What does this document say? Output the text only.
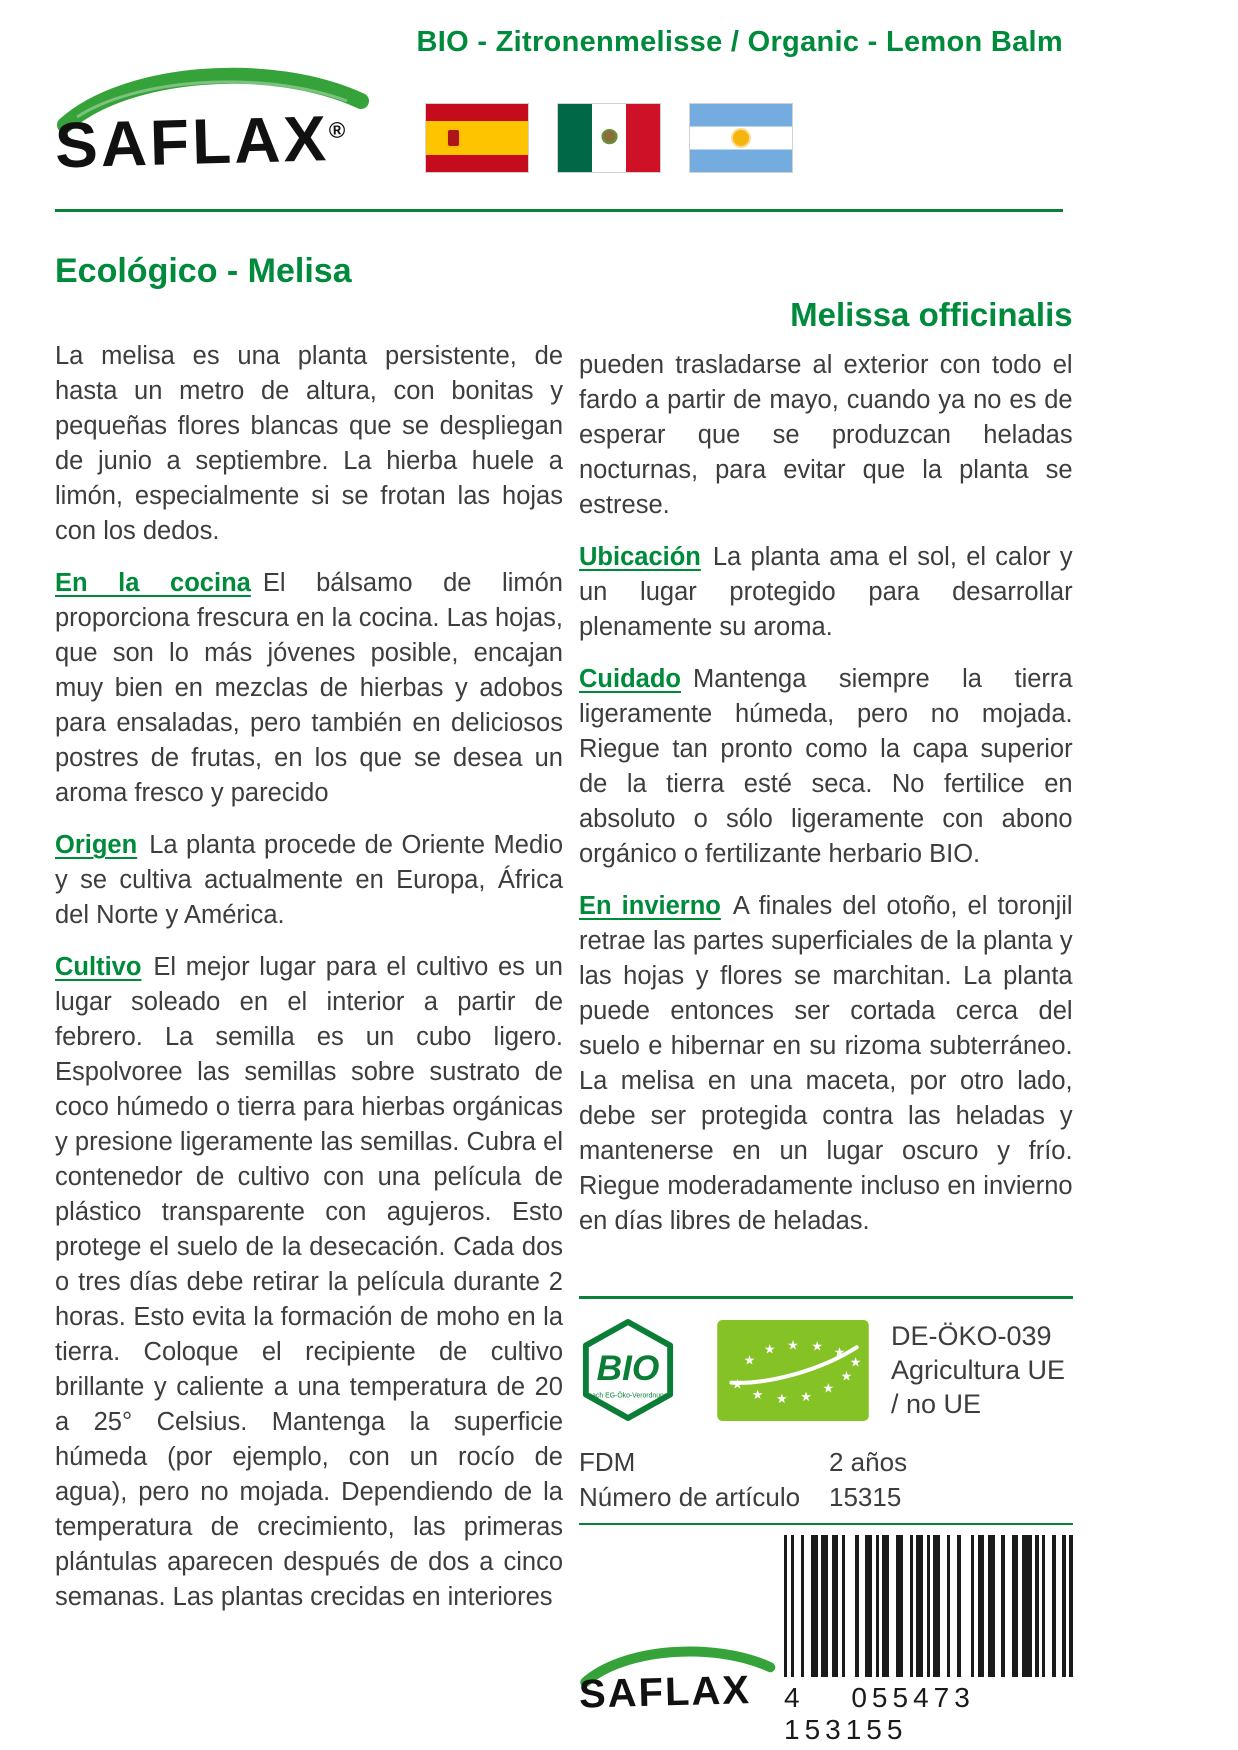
BIO - Zitronenmelisse / Organic - Lemon Balm
SAFLAX®
Ecológico - Melisa

La melisa es una planta persistente, de hasta un metro de altura, con bonitas y pequeñas flores blancas que se despliegan de junio a septiembre. La hierba huele a limón, especialmente si se frotan las hojas con los dedos.

En la cocina El bálsamo de limón proporciona frescura en la cocina. Las hojas, que son lo más jóvenes posible, encajan muy bien en mezclas de hierbas y adobos para ensaladas, pero también en deliciosos postres de frutas, en los que se desea un aroma fresco y parecido

Origen La planta procede de Oriente Medio y se cultiva actualmente en Europa, África del Norte y América.

Cultivo El mejor lugar para el cultivo es un lugar soleado en el interior a partir de febrero. La semilla es un cubo ligero. Espolvoree las semillas sobre sustrato de coco húmedo o tierra para hierbas orgánicas y presione ligeramente las semillas. Cubra el contenedor de cultivo con una película de plástico transparente con agujeros. Esto protege el suelo de la desecación. Cada dos o tres días debe retirar la película durante 2 horas. Esto evita la formación de moho en la tierra. Coloque el recipiente de cultivo brillante y caliente a una temperatura de 20 a 25° Celsius. Mantenga la superficie húmeda (por ejemplo, con un rocío de agua), pero no mojada. Dependiendo de la temperatura de crecimiento, las primeras plántulas aparecen después de dos a cinco semanas. Las plantas crecidas en interiores

Melissa officinalis

pueden trasladarse al exterior con todo el fardo a partir de mayo, cuando ya no es de esperar que se produzcan heladas nocturnas, para evitar que la planta se estrese.

Ubicación La planta ama el sol, el calor y un lugar protegido para desarrollar plenamente su aroma.

Cuidado Mantenga siempre la tierra ligeramente húmeda, pero no mojada. Riegue tan pronto como la capa superior de la tierra esté seca. No fertilice en absoluto o sólo ligeramente con abono orgánico o fertilizante herbario BIO.

En invierno A finales del otoño, el toronjil retrae las partes superficiales de la planta y las hojas y flores se marchitan. La planta puede entonces ser cortada cerca del suelo e hibernar en su rizoma subterráneo. La melisa en una maceta, por otro lado, debe ser protegida contra las heladas y mantenerse en un lugar oscuro y frío. Riegue moderadamente incluso en invierno en días libres de heladas.

BIO
nach EG-Öko-Verordnung
★
★ ★ ★
★
★
★
★
★
★
★
★
DE-ÖKO-039
Agricultura UE
/ no UE
FDM	2 años
Número de artículo	15315
SAFLAX	4 055473 153155
